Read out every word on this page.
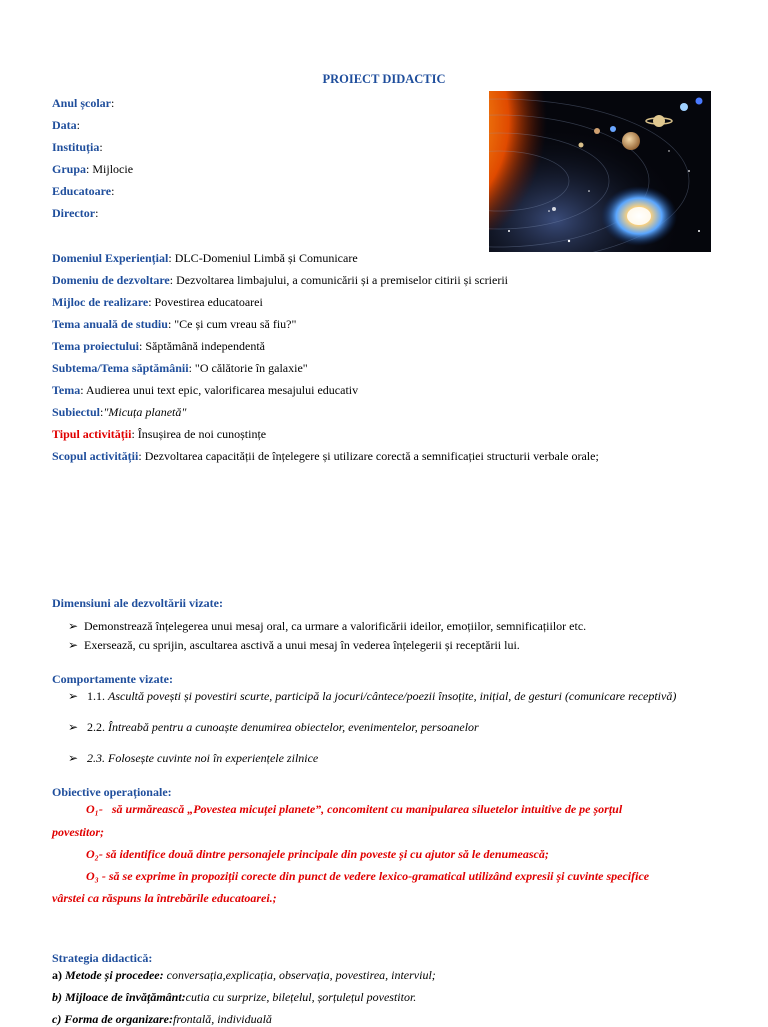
PROIECT DIDACTIC
Anul școlar:
Data:
Instituția:
Grupa: Mijlocie
Educatoare:
Director:
Domeniul Experiențial: DLC-Domeniul Limbă și Comunicare
Domeniu de dezvoltare: Dezvoltarea limbajului, a comunicării și a premiselor citirii și scrierii
Mijloc de realizare: Povestirea educatoarei
Tema anuală de studiu: "Ce și cum vreau să fiu?"
Tema proiectului: Săptămână independentă
Subtema/Tema săptămânii: "O călătorie în galaxie"
Tema: Audierea unui text epic, valorificarea mesajului educativ
Subiectul:"Micuța planetă"
Tipul activității: Însușirea de noi cunoștințe
Scopul activității: Dezvoltarea capacității de înțelegere și utilizare corectă a semnificației structurii verbale orale;
Dimensiuni ale dezvoltării vizate:
➢ Demonstrează înțelegerea unui mesaj oral, ca urmare a valorificării ideilor, emoțiilor, semnificațiilor etc.
➢ Exersează, cu sprijin, ascultarea asctivă a unui mesaj în vederea înțelegerii și receptării lui.
Comportamente vizate:
➢ 1.1. Ascultă povești și povestiri scurte, participă la jocuri/cântece/poezii însoțite, inițial, de gesturi (comunicare receptivă)
➢ 2.2. Întreabă pentru a cunoaște denumirea obiectelor, evenimentelor, persoanelor
➢ 2.3. Folosește cuvinte noi în experiențele zilnice
Obiective operaționale:
O₁- să urmărească „Povestea micuței planete”, concomitent cu manipularea siluetelor intuitive de pe șorțul
povestitor;
O₂- să identifice două dintre personajele principale din poveste și cu ajutor să le denumească;
O₃ - să se exprime în propoziții corecte din punct de vedere lexico-gramatical utilizând expresii și cuvinte specifice
vârstei ca răspuns la întrebările educatoarei.;
Strategia didactică:
a) Metode și procedee: conversația,explicația, observația, povestirea, interviul;
b) Mijloace de învățământ:cutia cu surprize, bilețelul, șorțulețul povestitor.
c) Forma de organizare:frontală, individuală
